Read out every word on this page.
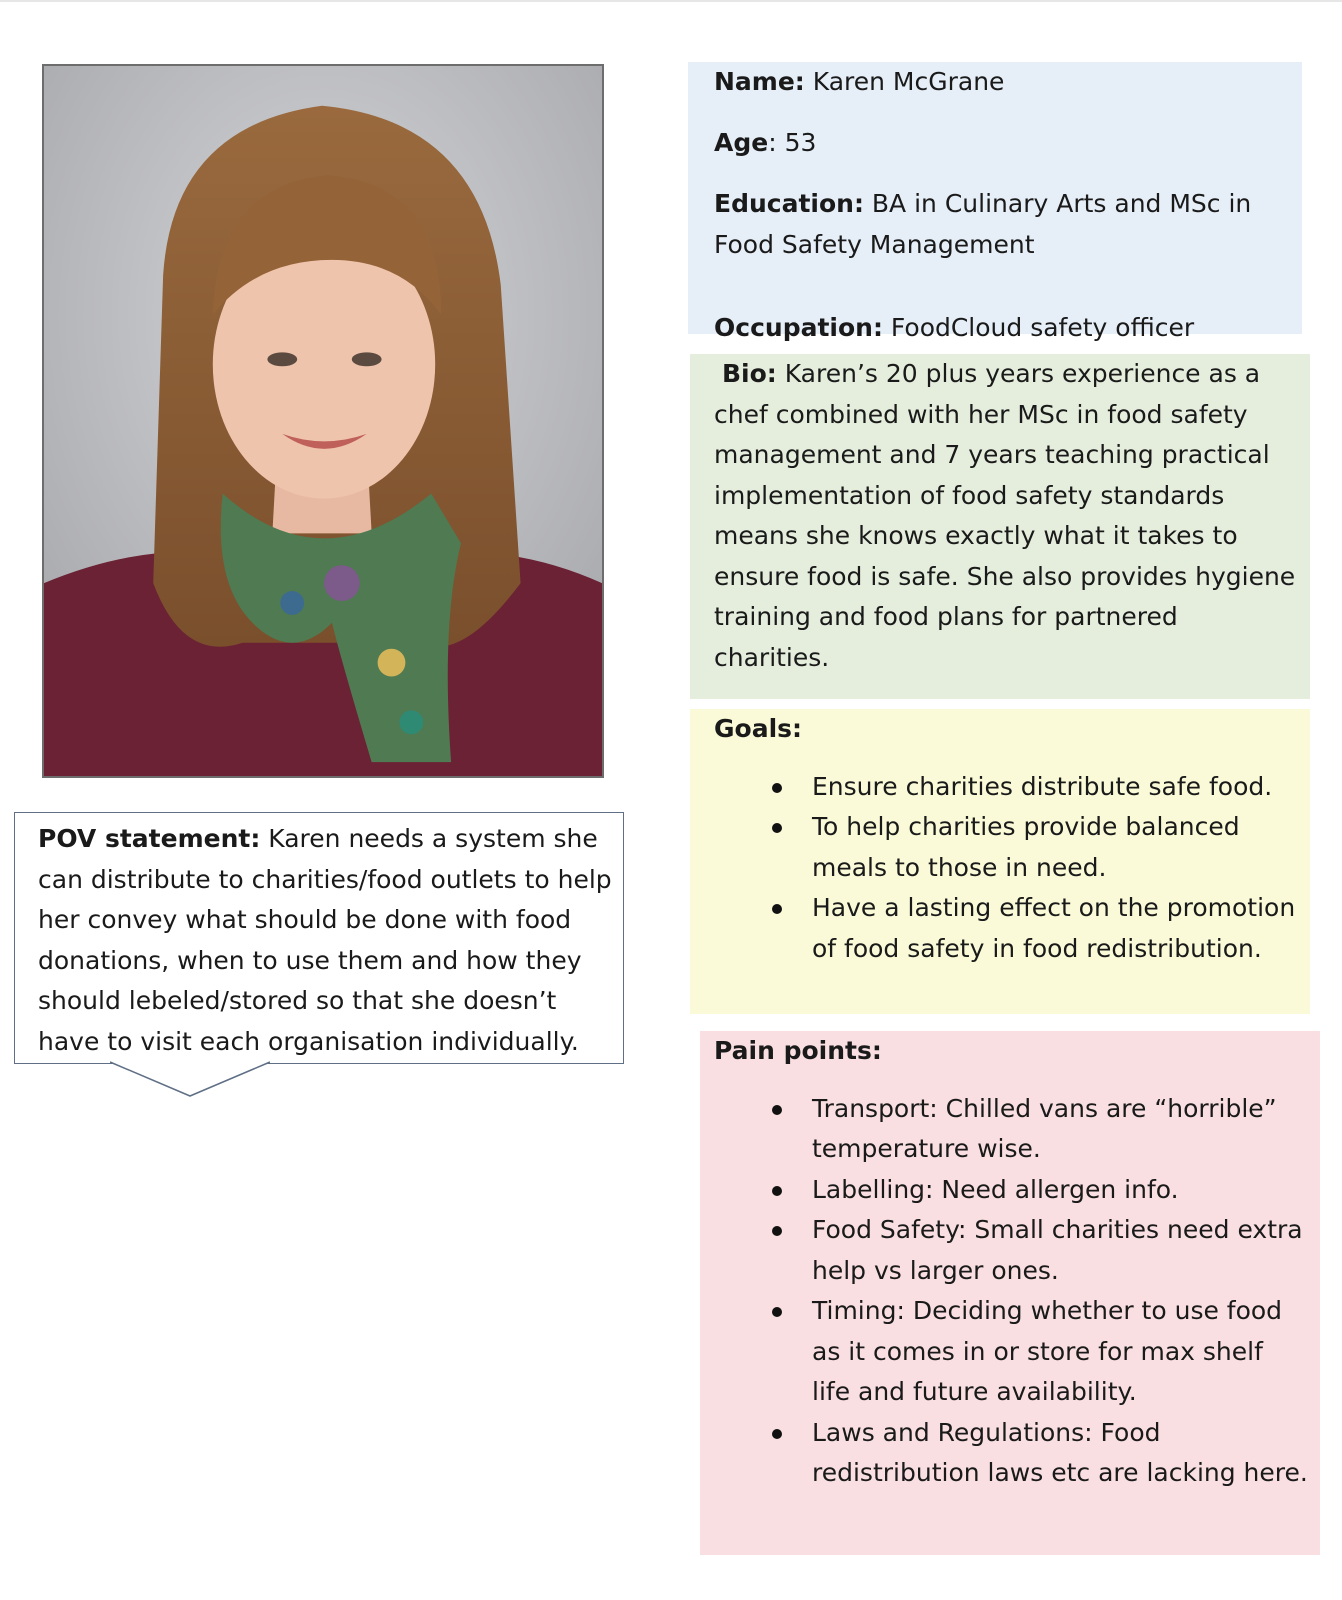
POV statement: Karen needs a system she can distribute to charities/food outlets to help her convey what should be done with food donations, when to use them and how they should lebeled/stored so that she doesn’t have to visit each organisation individually.
Name: Karen McGrane
Age: 53
Education: BA in Culinary Arts and MSc in Food Safety Management
Occupation: FoodCloud safety officer
Bio: Karen’s 20 plus years experience as a chef combined with her MSc in food safety management and 7 years teaching practical implementation of food safety standards means she knows exactly what it takes to ensure food is safe. She also provides hygiene training and food plans for partnered charities.
Goals:
Ensure charities distribute safe food.
To help charities provide balanced meals to those in need.
Have a lasting effect on the promotion of food safety in food redistribution.
Pain points:
Transport: Chilled vans are “horrible” temperature wise.
Labelling: Need allergen info.
Food Safety: Small charities need extra help vs larger ones.
Timing: Deciding whether to use food as it comes in or store for max shelf life and future availability.
Laws and Regulations: Food redistribution laws etc are lacking here.
